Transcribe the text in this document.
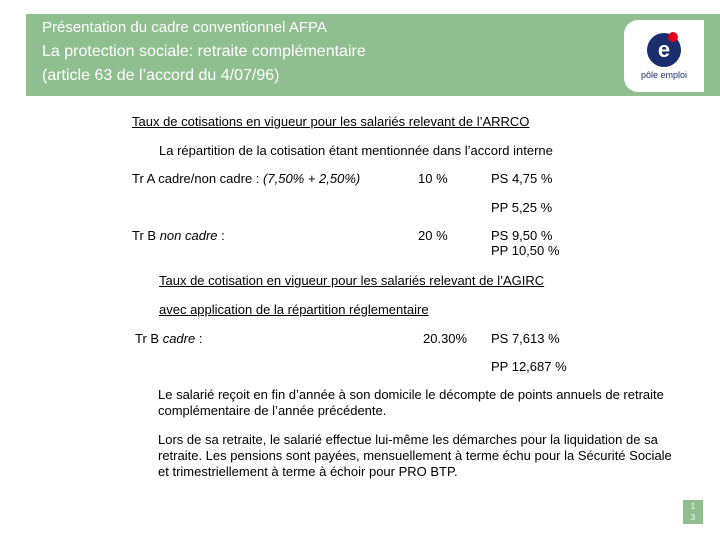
Présentation du cadre conventionnel AFPA
La protection sociale: retraite complémentaire
(article 63 de l’accord du 4/07/96)
e
pôle emploi
Taux de cotisations en vigueur pour les salariés relevant de l’ARRCO
La répartition de la cotisation étant mentionnée dans l’accord interne
Tr A cadre/non cadre : (7,50% + 2,50%)	10 %	PS 4,75 %
PP 5,25 %
Tr B non cadre :	20 %	PS 9,50 %
PP 10,50 %
Taux de cotisation en vigueur pour les salariés relevant de l’AGIRC
avec application de la répartition réglementaire
Tr B cadre :	20.30% PS 7,613 %
PP 12,687 %
Le salarié reçoit en fin d’année à son domicile le décompte de points annuels de retraite complémentaire de l’année précédente.
Lors de sa retraite, le salarié effectue lui-même les démarches pour la liquidation de sa retraite. Les pensions sont payées, mensuellement à terme échu pour la Sécurité Sociale et trimestriellement à terme à échoir pour PRO BTP.
1
3
